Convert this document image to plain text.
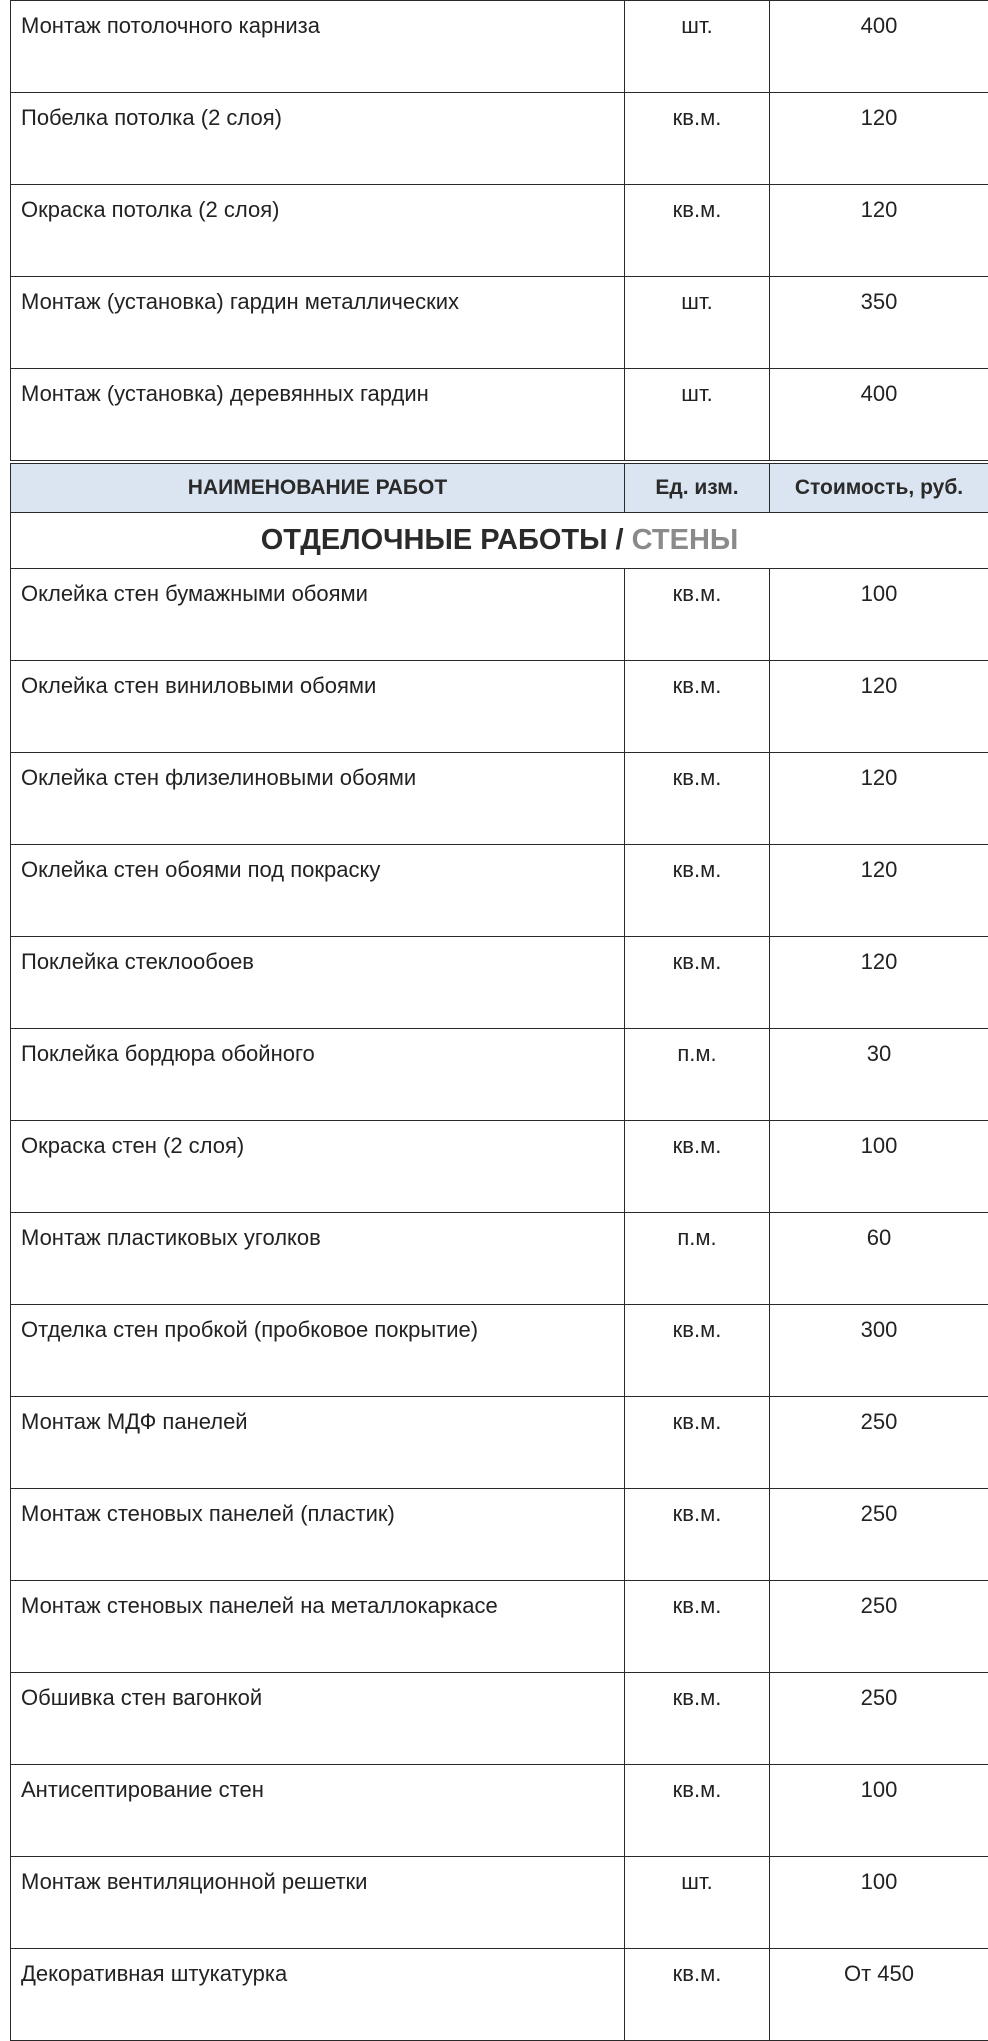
Монтаж потолочного карниза	шт.	400
Побелка потолка (2 слоя)	кв.м.	120
Окраска потолка (2 слоя)	кв.м.	120
Монтаж (установка) гардин металлических	шт.	350
Монтаж (установка) деревянных гардин	шт.	400
НАИМЕНОВАНИЕ РАБОТ	Ед. изм.	Стоимость, руб.
ОТДЕЛОЧНЫЕ РАБОТЫ / СТЕНЫ		
Оклейка стен бумажными обоями	кв.м.	100
Оклейка стен виниловыми обоями	кв.м.	120
Оклейка стен флизелиновыми обоями	кв.м.	120
Оклейка стен обоями под покраску	кв.м.	120
Поклейка стеклообоев	кв.м.	120
Поклейка бордюра обойного	п.м.	30
Окраска стен (2 слоя)	кв.м.	100
Монтаж пластиковых уголков	п.м.	60
Отделка стен пробкой (пробковое покрытие)	кв.м.	300
Монтаж МДФ панелей	кв.м.	250
Монтаж стеновых панелей (пластик)	кв.м.	250
Монтаж стеновых панелей на металлокаркасе	кв.м.	250
Обшивка стен вагонкой	кв.м.	250
Антисептирование стен	кв.м.	100
Монтаж вентиляционной решетки	шт.	100
Декоративная штукатурка	кв.м.	От 450
